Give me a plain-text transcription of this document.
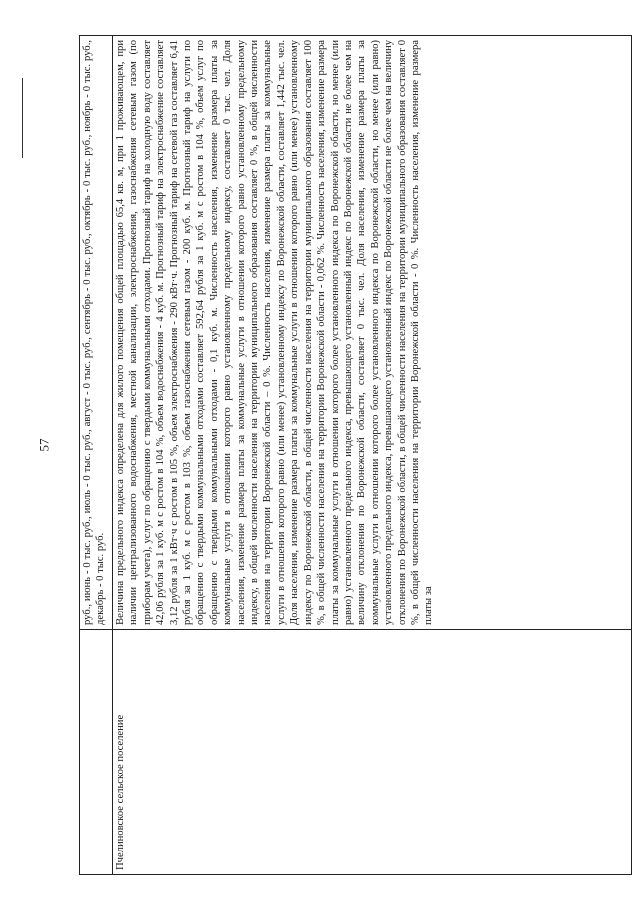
57
		руб., июнь - 0 тыс. руб., июль - 0 тыс. руб., август - 0 тыс. руб., сентябрь - 0 тыс. руб., октябрь - 0 тыс. руб., ноябрь - 0 тыс. руб., декабрь - 0 тыс. руб.
Пчелиновское сельское поселение	Величина предельного индекса определена для жилого помещения общей площадью 65,4 кв. м, при 1 проживающем, при наличии централизованного водоснабжения, местной канализации, электроснабжения, газоснабжения сетевым газом (по приборам учета), услуг по обращению с твердыми коммунальными отходами. Прогнозный тариф на холодную воду составляет 42,06 рубля за 1 куб. м с ростом в 104 %, объем водоснабжения - 4 куб. м. Прогнозный тариф на электроснабжение составляет 3,12 рубля за 1 кВт·ч с ростом в 105 %, объем электроснабжения - 290 кВт·ч. Прогнозный тариф на сетевой газ составляет 6,41 рубля за 1 куб. м с ростом в 103 %, объем газоснабжения сетевым газом - 200 куб. м. Прогнозный тариф на услуги по обращению с твердыми коммунальными отходами составляет 592,64 рубля за 1 куб. м с ростом в 104 %, объем услуг по обращению с твердыми коммунальными отходами - 0,1 куб. м. Численность населения, изменение размера платы за коммунальные услуги в отношении которого равно установленному предельному индексу, составляет 0 тыс. чел. Доля населения, изменение размера платы за коммунальные услуги в отношении которого равно установленному предельному индексу, в общей численности населения на территории муниципального образования составляет 0 %, в общей численности населения на территории Воронежской области – 0 %. Численность населения, изменение размера платы за коммунальные услуги в отношении которого равно (или менее) установленному индексу по Воронежской области, составляет 1,442 тыс. чел. Доля населения, изменение размера платы за коммунальные услуги в отношении которого равно (или менее) установленному индексу по Воронежской области, в общей численности населения на территории муниципального образования составляет 100 %, в общей численности населения на территории Воронежской области - 0,062 %. Численность населения, изменение размера платы за коммунальные услуги в отношении которого более установленного индекса по Воронежской области, но менее (или равно) установленного предельного индекса, превышающего установленный индекс по Воронежской области не более чем на величину отклонения по Воронежской области, составляет 0 тыс. чел. Доля населения, изменение размера платы за коммунальные услуги в отношении которого более установленного индекса по Воронежской области, но менее (или равно) установленного предельного индекса, превышающего установленный индекс по Воронежской области не более чем на величину отклонения по Воронежской области, в общей численности населения на территории муниципального образования составляет 0 %, в общей численности населения на территории Воронежской области - 0 %. Численность населения, изменение размера платы за
